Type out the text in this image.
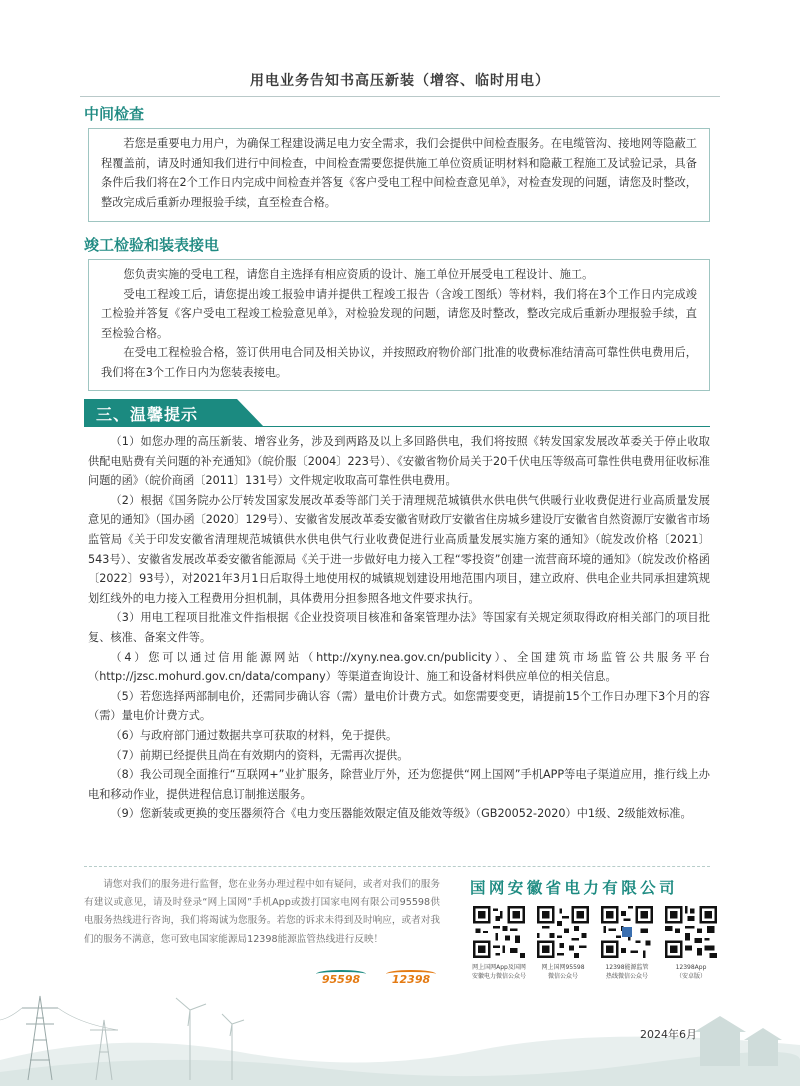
用电业务告知书高压新装（增容、临时用电）
中间检查

若您是重要电力用户，为确保工程建设满足电力安全需求，我们会提供中间检查服务。在电缆管沟、接地网等隐蔽工程覆盖前，请及时通知我们进行中间检查，中间检查需要您提供施工单位资质证明材料和隐蔽工程施工及试验记录，具备条件后我们将在2个工作日内完成中间检查并答复《客户受电工程中间检查意见单》，对检查发现的问题，请您及时整改，整改完成后重新办理报验手续，直至检查合格。

竣工检验和装表接电

您负责实施的受电工程，请您自主选择有相应资质的设计、施工单位开展受电工程设计、施工。

受电工程竣工后，请您提出竣工报验申请并提供工程竣工报告（含竣工图纸）等材料，我们将在3个工作日内完成竣工检验并答复《客户受电工程竣工检验意见单》，对检验发现的问题，请您及时整改，整改完成后重新办理报验手续，直至检验合格。

在受电工程检验合格，签订供用电合同及相关协议，并按照政府物价部门批准的收费标准结清高可靠性供电费用后，我们将在3个工作日内为您装表接电。

三、温馨提示

（1）如您办理的高压新装、增容业务，涉及到两路及以上多回路供电，我们将按照《转发国家发展改革委关于停止收取供配电贴费有关问题的补充通知》（皖价服〔2004〕223号）、《安徽省物价局关于20千伏电压等级高可靠性供电费用征收标准问题的函》（皖价商函〔2011〕131号）文件规定收取高可靠性供电费用。

（2）根据《国务院办公厅转发国家发展改革委等部门关于清理规范城镇供水供电供气供暖行业收费促进行业高质量发展意见的通知》（国办函〔2020〕129号）、安徽省发展改革委安徽省财政厅安徽省住房城乡建设厅安徽省自然资源厅安徽省市场监管局《关于印发安徽省清理规范城镇供水供电供气行业收费促进行业高质量发展实施方案的通知》（皖发改价格〔2021〕543号）、安徽省发展改革委安徽省能源局《关于进一步做好电力接入工程“零投资”创建一流营商环境的通知》（皖发改价格函〔2022〕93号），对2021年3月1日后取得土地使用权的城镇规划建设用地范围内项目，建立政府、供电企业共同承担建筑规划红线外的电力接入工程费用分担机制，具体费用分担参照各地文件要求执行。

（3）用电工程项目批准文件指根据《企业投资项目核准和备案管理办法》等国家有关规定须取得政府相关部门的项目批复、核准、备案文件等。

（4）您可以通过信用能源网站（http://xyny.nea.gov.cn/publicity）、全国建筑市场监管公共服务平台（http://jzsc.mohurd.gov.cn/data/company）等渠道查询设计、施工和设备材料供应单位的相关信息。

（5）若您选择两部制电价，还需同步确认容（需）量电价计费方式。如您需要变更，请提前15个工作日办理下3个月的容（需）量电价计费方式。

（6）与政府部门通过数据共享可获取的材料，免于提供。

（7）前期已经提供且尚在有效期内的资料，无需再次提供。

（8）我公司现全面推行“互联网+”业扩服务，除营业厅外，还为您提供“网上国网”手机APP等电子渠道应用，推行线上办电和移动作业，提供进程信息订制推送服务。

（9）您新装或更换的变压器须符合《电力变压器能效限定值及能效等级》（GB20052-2020）中1级、2级能效标准。

请您对我们的服务进行监督，您在业务办理过程中如有疑问，或者对我们的服务有建议或意见，请及时登录“网上国网”手机App或拨打国家电网有限公司95598供电服务热线进行咨询，我们将竭诚为您服务。若您的诉求未得到及时响应，或者对我们的服务不满意，您可致电国家能源局12398能源监管热线进行反映！

95598	12398
国网安徽省电力有限公司
网上国网App及国网
安徽电力微信公众号
网上国网95598
微信公众号
12398能源监管
热线微信公众号
12398App
（安卓版）
2024年6月
